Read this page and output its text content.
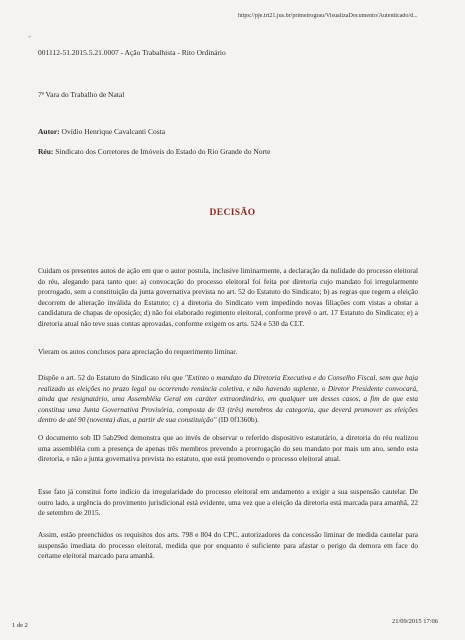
https://pje.trt21.jus.br/primeirograu/VisualizaDocumento/Autenticado/d...
-
001112-51.2015.5.21.0007 - Ação Trabalhista - Rito Ordinário
7ª Vara do Trabalho de Natal
Autor: Ovídio Henrique Cavalcanti Costa
Réu: Sindicato dos Corretores de Imóveis do Estado do Rio Grande do Norte
DECISÃO

Cuidam os presentes autos de ação em que o autor postula, inclusive liminarmente, a declaração da nulidade do processo eleitoral do réu, alegando para tanto que: a) convocação do processo eleitoral foi feita por diretoria cujo mandato foi irregularmente prorrogado, sem a constituição da junta governativa prevista no art. 52 do Estatuto do Sindicato; b) as regras que regem a eleição decorrem de alteração inválida do Estatuto; c) a diretoria do Sindicato vem impedindo novas filiações com vistas a obstar a candidatura de chapas de oposição; d) não foi elaborado regimento eleitoral, conforme prevê o art. 17 Estatuto do Sindicato; e) a diretoria atual não teve suas contas aprovadas, conforme exigem os arts. 524 e 530 da CLT.

Vieram os autos conclusos para apreciação do requerimento liminar.

Dispõe o art. 52 do Estatuto do Sindicato réu que "Extinto o mandato da Diretoria Executiva e do Conselho Fiscal, sem que haja realizado as eleições no prazo legal ou ocorrendo renúncia coletiva, e não havendo suplente, o Diretor Presidente convocará, ainda que resignatário, uma Assembléia Geral em caráter extraordinário, em qualquer um desses casos, a fim de que esta constitua uma Junta Governativa Provisória, composta de 03 (três) membros da categoria, que deverá promover as eleições dentro de até 90 (noventa) dias, a partir de sua constituição" (ID 0f1360b).

O documento sob ID 5ab29ed demonstra que ao invés de observar o referido dispositivo estatutário, a diretoria do réu realizou uma assembléia com a presença de apenas três membros prevendo a prorrogação do seu mandato por mais um ano, sendo esta diretoria, e não a junta governativa prevista no estatuto, que está promovendo o processo eleitoral atual.

Esse fato já constitui forte indício da irregularidade do processo eleitoral em andamento a exigir a sua suspensão cautelar. De outro lado, a urgência do provimento jurisdicional está evidente, uma vez que a eleição da diretoria está marcada para amanhã, 22 de setembro de 2015.

Assim, estão preenchidos os requisitos dos arts. 798 e 804 do CPC, autorizadores da concessão liminar de medida cautelar para suspensão imediata do processo eleitoral, medida que por enquanto é suficiente para afastar o perigo da demora em face do certame eleitoral marcado para amanhã.

1 de 2
21/09/2015 17:06
